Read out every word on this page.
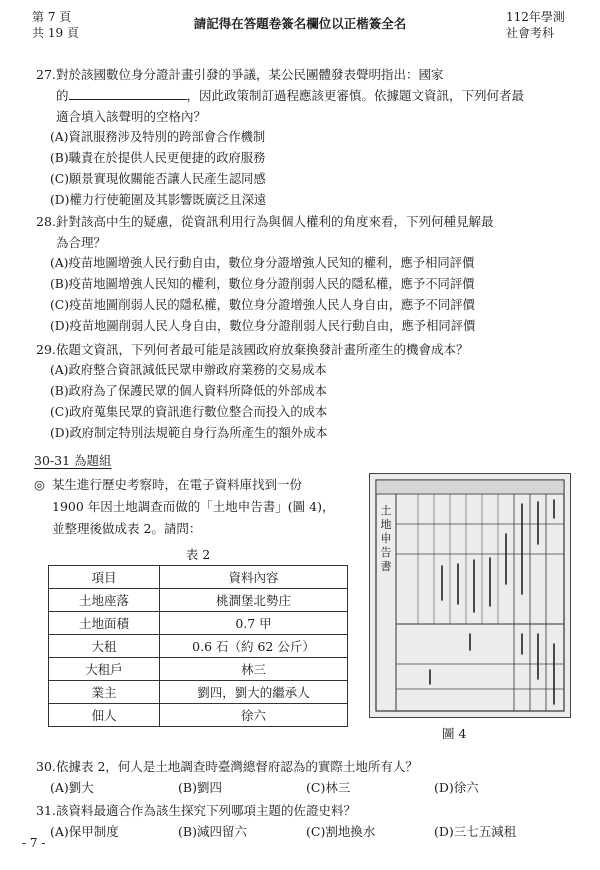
第 7 頁
共 19 頁
請記得在答題卷簽名欄位以正楷簽全名	112年學測
社會考科

27.對於該國數位身分證計畫引發的爭議，某公民團體發表聲明指出：國家

的	，因此政策制訂過程應該更審慎。依據題文資訊，下列何者最

適合填入該聲明的空格內？

(A)資訊服務涉及特別的跨部會合作機制

(B)職責在於提供人民更便捷的政府服務

(C)願景實現攸關能否讓人民產生認同感

(D)權力行使範圍及其影響既廣泛且深遠

28.針對該高中生的疑慮，從資訊利用行為與個人權利的角度來看，下列何種見解最

為合理？

(A)疫苗地圖增強人民行動自由，數位身分證增強人民知的權利，應予相同評價

(B)疫苗地圖增強人民知的權利，數位身分證削弱人民的隱私權，應予不同評價

(C)疫苗地圖削弱人民的隱私權，數位身分證增強人民人身自由，應予不同評價

(D)疫苗地圖削弱人民人身自由，數位身分證削弱人民行動自由，應予相同評價

29.依題文資訊，下列何者最可能是該國政府放棄換發計畫所產生的機會成本？

(A)政府整合資訊減低民眾申辦政府業務的交易成本

(B)政府為了保護民眾的個人資料所降低的外部成本

(C)政府蒐集民眾的資訊進行數位整合而投入的成本

(D)政府制定特別法規範自身行為所產生的額外成本

30-31 為題組
◎ 某生進行歷史考察時，在電子資料庫找到一份
1900 年因土地調查而做的「土地申告書」(圖 4)，
並整理後做成表 2。請問：
表 2
項目	資料內容
土地座落	桃澗堡北勢庄
土地面積	0.7 甲
大租	0.6 石（約 62 公斤）
大租戶	林三
業主	劉四，劉大的繼承人
佃人	徐六
土地申告書
圖 4

30.依據表 2，何人是土地調查時臺灣總督府認為的實際土地所有人？

(A)劉大	(B)劉四	(C)林三	(D)徐六

31.該資料最適合作為該生探究下列哪項主題的佐證史料？

(A)保甲制度	(B)減四留六	(C)割地換水	(D)三七五減租
- 7 -
